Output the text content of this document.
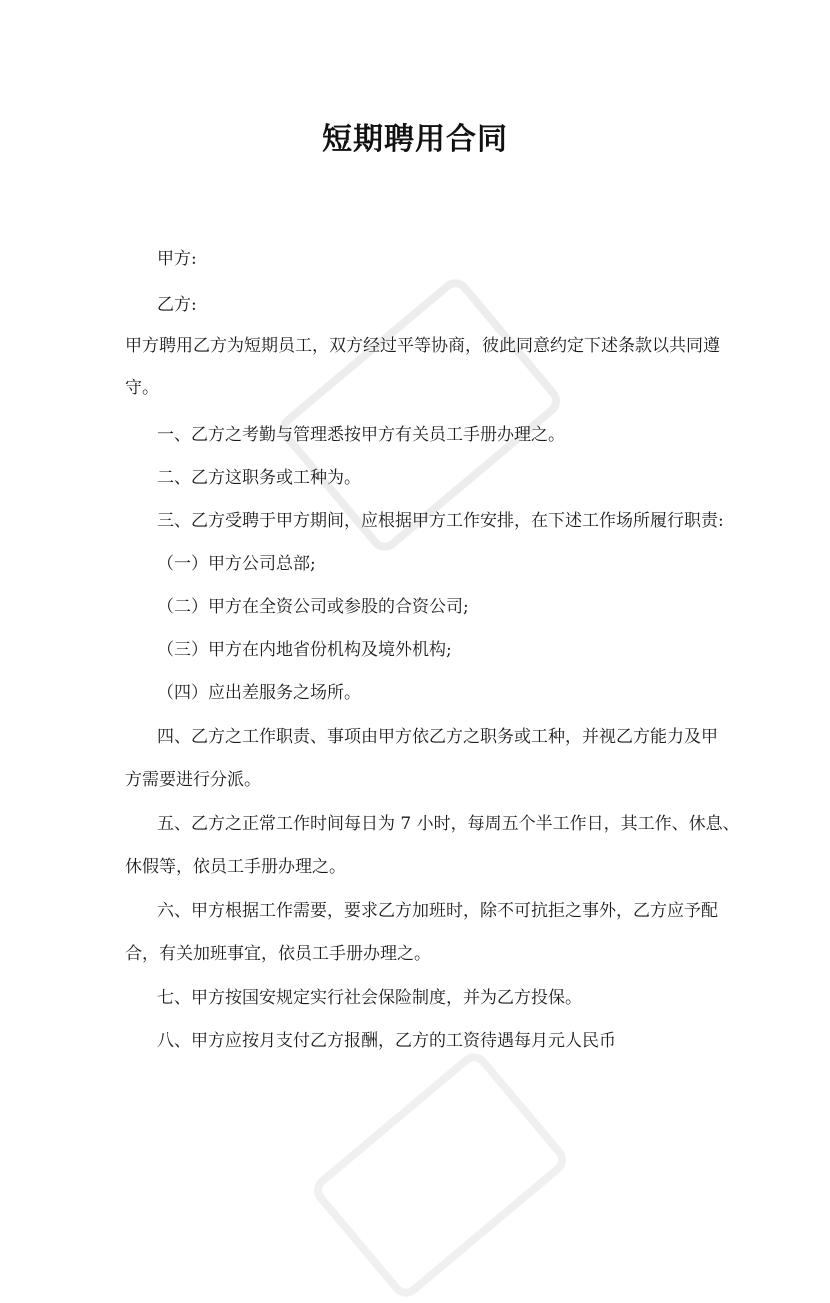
短期聘用合同
甲方:
乙方:
甲方聘用乙方为短期员工，双方经过平等协商，彼此同意约定下述条款以共同遵
守。
一、乙方之考勤与管理悉按甲方有关员工手册办理之。
二、乙方这职务或工种为。
三、乙方受聘于甲方期间，应根据甲方工作安排，在下述工作场所履行职责:
（一）甲方公司总部;
（二）甲方在全资公司或参股的合资公司;
（三）甲方在内地省份机构及境外机构;
（四）应出差服务之场所。
四、乙方之工作职责、事项由甲方依乙方之职务或工种，并视乙方能力及甲
方需要进行分派。
五、乙方之正常工作时间每日为 7 小时，每周五个半工作日，其工作、休息、
休假等，依员工手册办理之。
六、甲方根据工作需要，要求乙方加班时，除不可抗拒之事外，乙方应予配
合，有关加班事宜，依员工手册办理之。
七、甲方按国安规定实行社会保险制度，并为乙方投保。
八、甲方应按月支付乙方报酬，乙方的工资待遇每月元人民币
